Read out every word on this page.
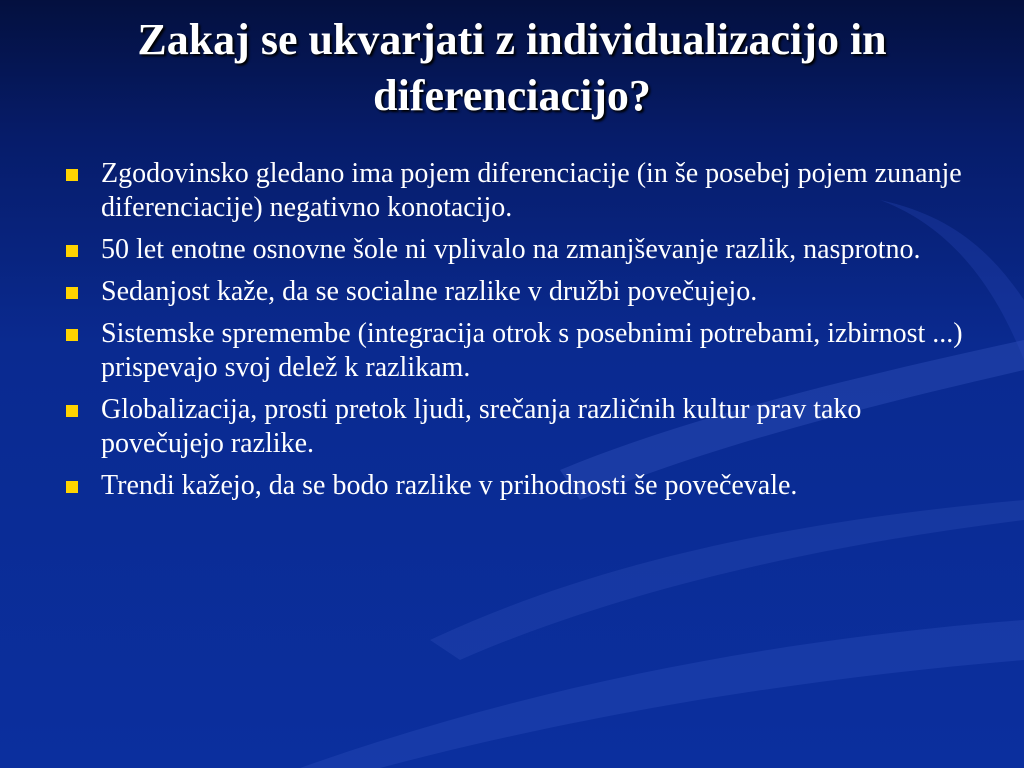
Zakaj se ukvarjati z individualizacijo in diferenciacijo?
Zgodovinsko gledano ima pojem diferenciacije (in še posebej pojem zunanje diferenciacije) negativno konotacijo.
50 let enotne osnovne šole ni vplivalo na zmanjševanje razlik, nasprotno.
Sedanjost kaže, da se socialne razlike v družbi povečujejo.
Sistemske spremembe (integracija otrok s posebnimi potrebami, izbirnost ...) prispevajo svoj delež k razlikam.
Globalizacija, prosti pretok ljudi, srečanja različnih kultur prav tako povečujejo razlike.
Trendi kažejo, da se bodo razlike v prihodnosti še povečevale.
